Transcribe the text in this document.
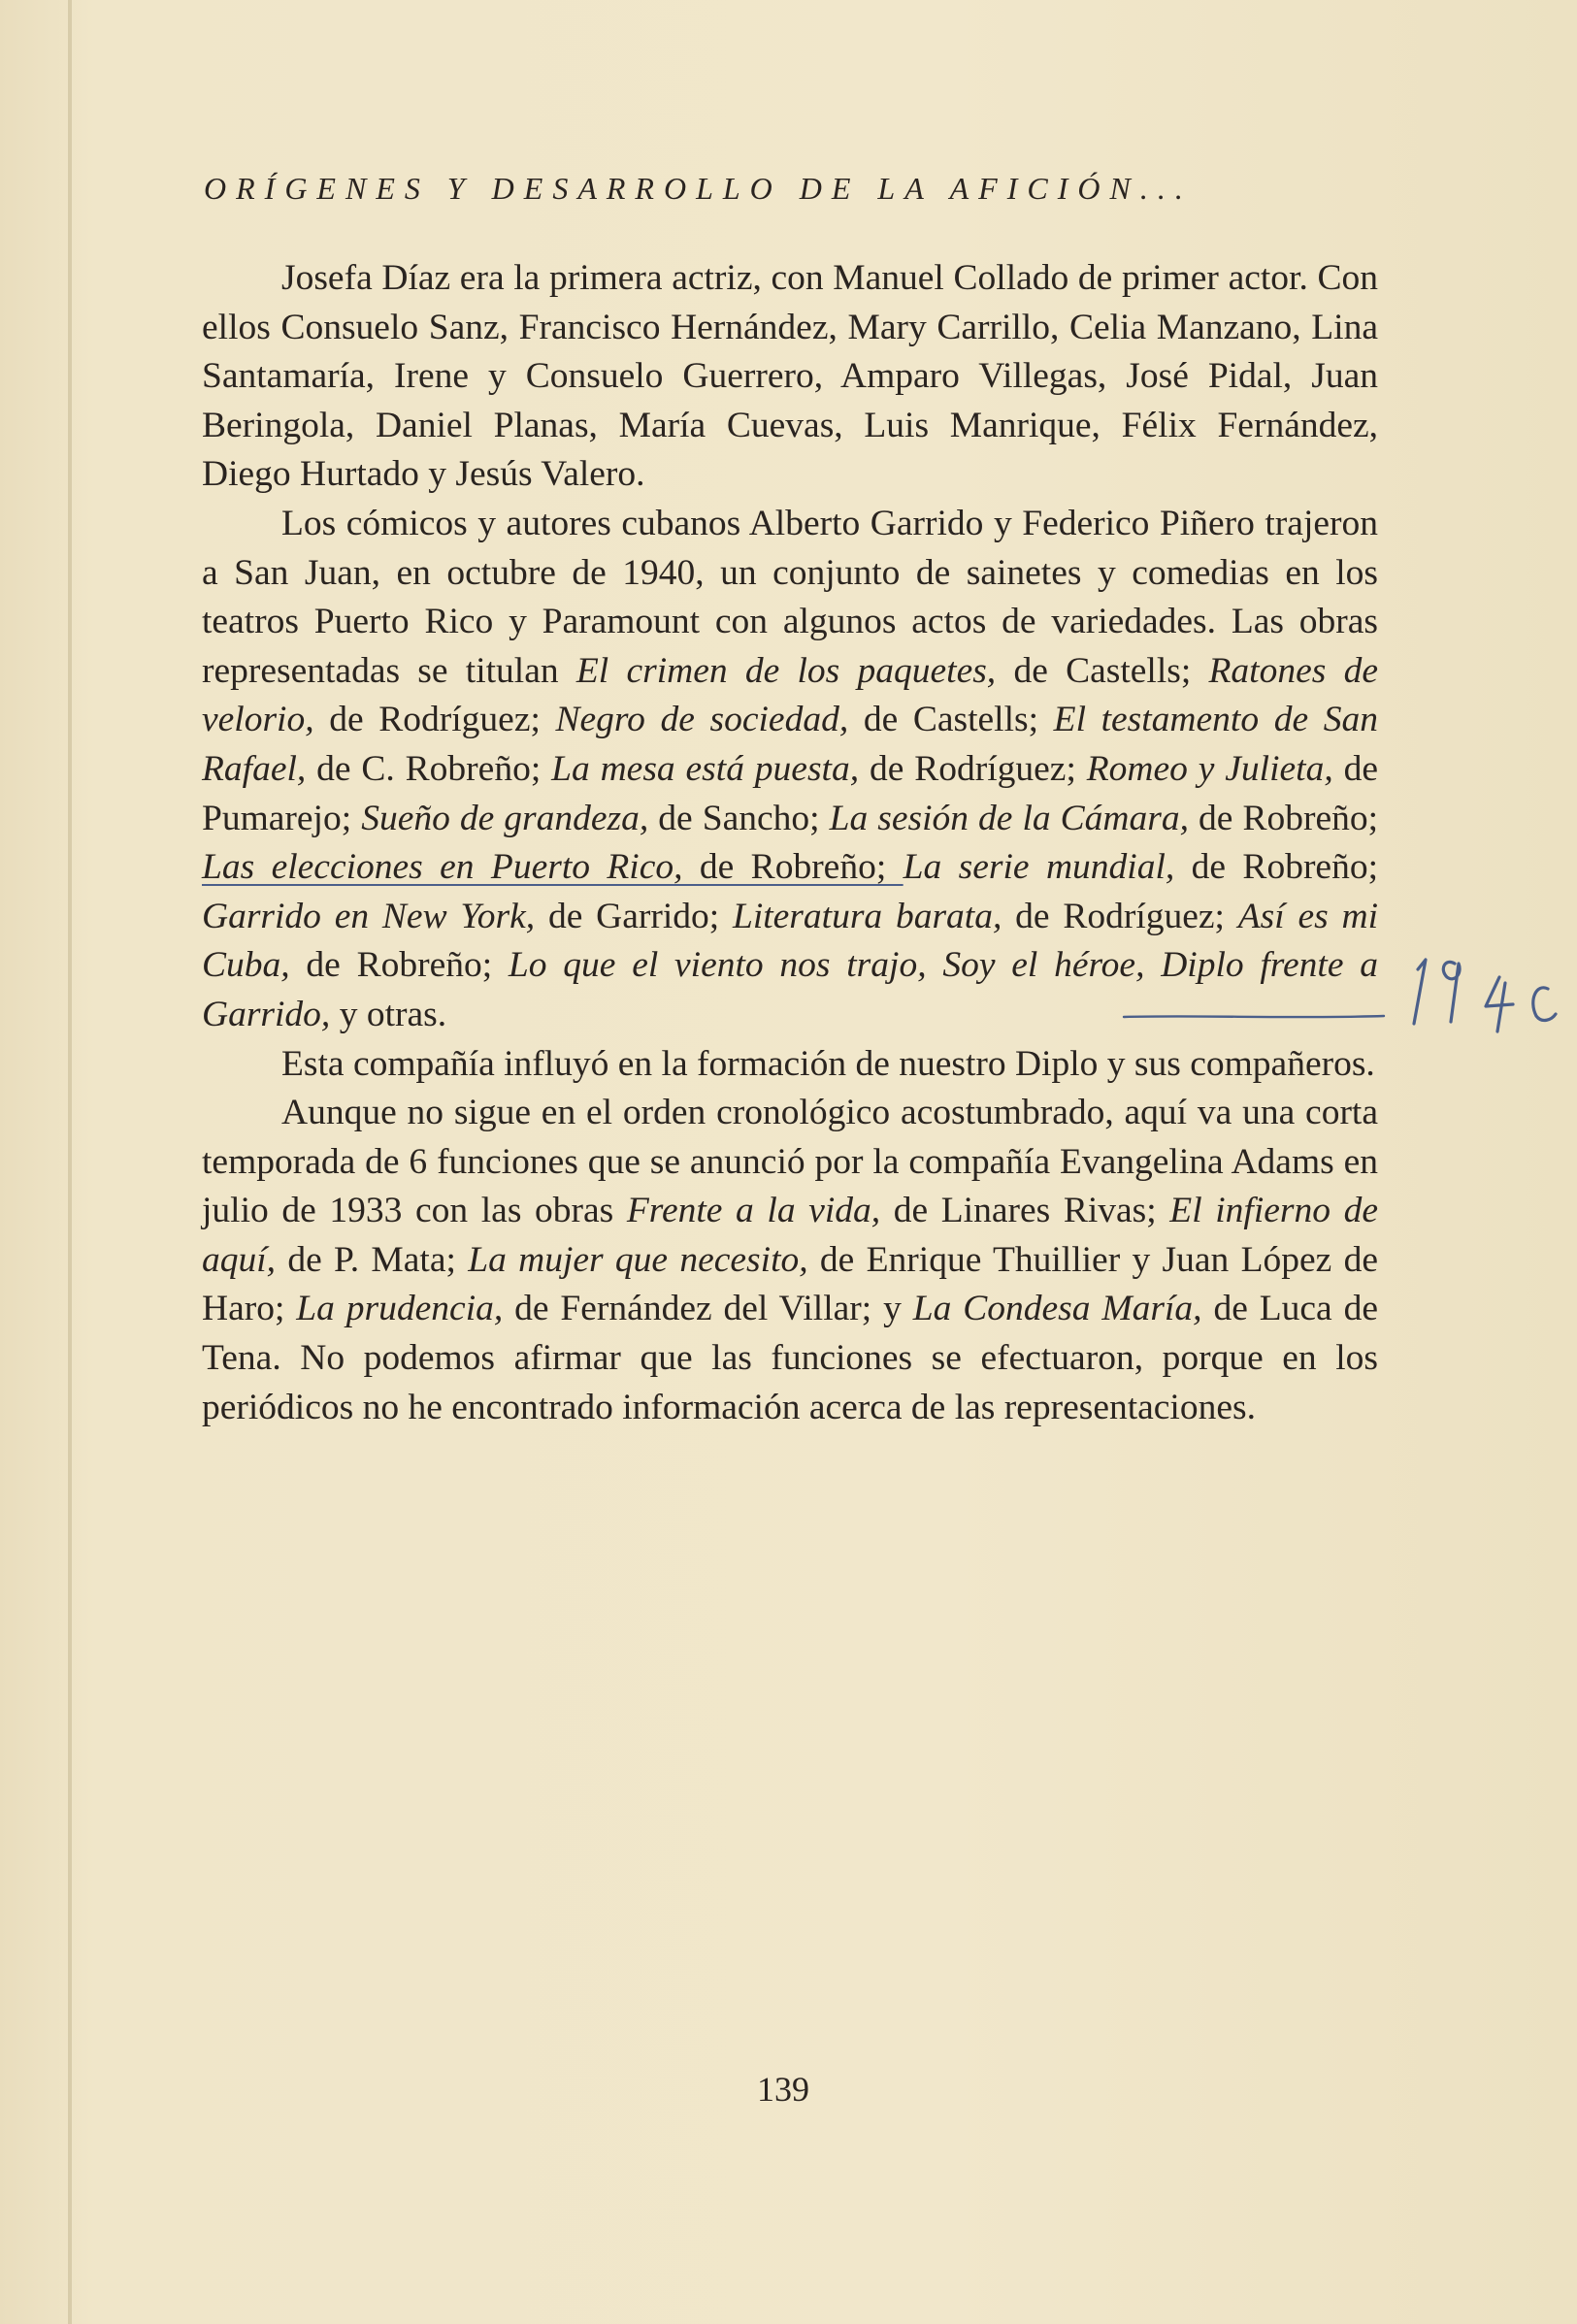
ORÍGENES Y DESARROLLO DE LA AFICIÓN...

Josefa Díaz era la primera actriz, con Manuel Collado de primer actor. Con ellos Consuelo Sanz, Francisco Hernández, Mary Carrillo, Celia Manzano, Lina Santamaría, Irene y Consuelo Guerrero, Amparo Villegas, José Pidal, Juan Beringola, Daniel Planas, María Cuevas, Luis Manrique, Félix Fernández, Diego Hurtado y Jesús Valero.

Los cómicos y autores cubanos Alberto Garrido y Federico Piñero trajeron a San Juan, en octubre de 1940, un conjunto de sainetes y comedias en los teatros Puerto Rico y Paramount con algunos actos de variedades. Las obras representadas se titulan El crimen de los paquetes, de Castells; Ratones de velorio, de Rodríguez; Negro de sociedad, de Castells; El testamento de San Rafael, de C. Robreño; La mesa está puesta, de Rodríguez; Romeo y Julieta, de Pumarejo; Sueño de grandeza, de Sancho; La sesión de la Cámara, de Robreño; Las elecciones en Puerto Rico, de Robreño; La serie mundial, de Robreño; Garrido en New York, de Garrido; Literatura barata, de Rodríguez; Así es mi Cuba, de Robreño; Lo que el viento nos trajo, Soy el héroe, Diplo frente a Garrido, y otras.

Esta compañía influyó en la formación de nuestro Diplo y sus compañeros.

Aunque no sigue en el orden cronológico acostumbrado, aquí va una corta temporada de 6 funciones que se anunció por la compañía Evangelina Adams en julio de 1933 con las obras Frente a la vida, de Linares Rivas; El infierno de aquí, de P. Mata; La mujer que necesito, de Enrique Thuillier y Juan López de Haro; La prudencia, de Fernández del Villar; y La Condesa María, de Luca de Tena. No podemos afirmar que las funciones se efectuaron, porque en los periódicos no he encontrado información acerca de las representaciones.

139
